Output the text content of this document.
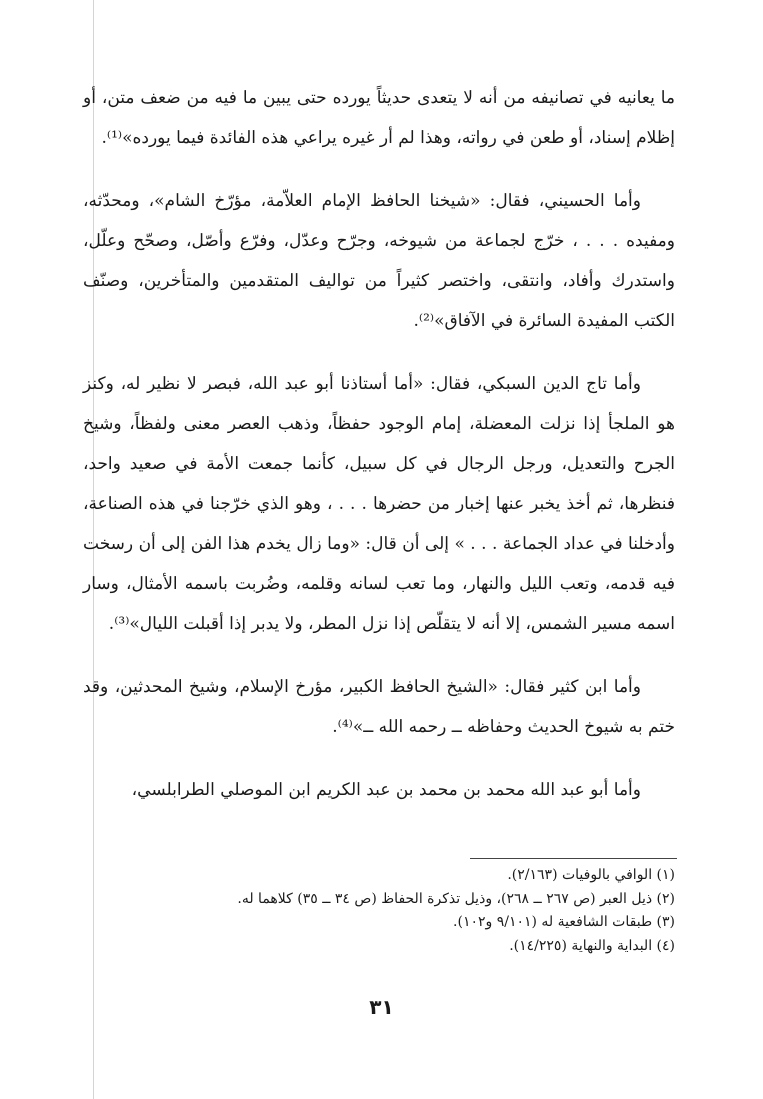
ما يعانيه في تصانيفه من أنه لا يتعدى حديثاً يورده حتى يبين ما فيه من ضعف متن، أو إظلام إسناد، أو طعن في رواته، وهذا لم أر غيره يراعي هذه الفائدة فيما يورده»⁽¹⁾.

وأما الحسيني، فقال: «شيخنا الحافظ الإمام العلاّمة، مؤرّخ الشام»، ومحدّثه، ومفيده . . . ، خرّج لجماعة من شيوخه، وجرّح وعدّل، وفرّع وأصّل، وصحّح وعلّل، واستدرك وأفاد، وانتقى، واختصر كثيراً من تواليف المتقدمين والمتأخرين، وصنّف الكتب المفيدة السائرة في الآفاق»⁽²⁾.

وأما تاج الدين السبكي، فقال: «أما أستاذنا أبو عبد الله، فبصر لا نظير له، وكنز هو الملجأ إذا نزلت المعضلة، إمام الوجود حفظاً، وذهب العصر معنى ولفظاً، وشيخ الجرح والتعديل، ورجل الرجال في كل سبيل، كأنما جمعت الأمة في صعيد واحد، فنظرها، ثم أخذ يخبر عنها إخبار من حضرها . . . ، وهو الذي خرّجنا في هذه الصناعة، وأدخلنا في عداد الجماعة . . . » إلى أن قال: «وما زال يخدم هذا الفن إلى أن رسخت فيه قدمه، وتعب الليل والنهار، وما تعب لسانه وقلمه، وضُربت باسمه الأمثال، وسار اسمه مسير الشمس، إلا أنه لا يتقلّص إذا نزل المطر، ولا يدبر إذا أقبلت الليال»⁽³⁾.

وأما ابن كثير فقال: «الشيخ الحافظ الكبير، مؤرخ الإسلام، وشيخ المحدثين، وقد ختم به شيوخ الحديث وحفاظه ــ رحمه الله ــ»⁽⁴⁾.

وأما أبو عبد الله محمد بن محمد بن عبد الكريم ابن الموصلي الطرابلسي،

(١) الوافي بالوفيات (٢/١٦٣).

(٢) ذيل العبر (ص ٢٦٧ ــ ٢٦٨)، وذيل تذكرة الحفاظ (ص ٣٤ ــ ٣٥) كلاهما له.

(٣) طبقات الشافعية له (٩/١٠١ و١٠٢).

(٤) البداية والنهاية (١٤/٢٢٥).

٣١
